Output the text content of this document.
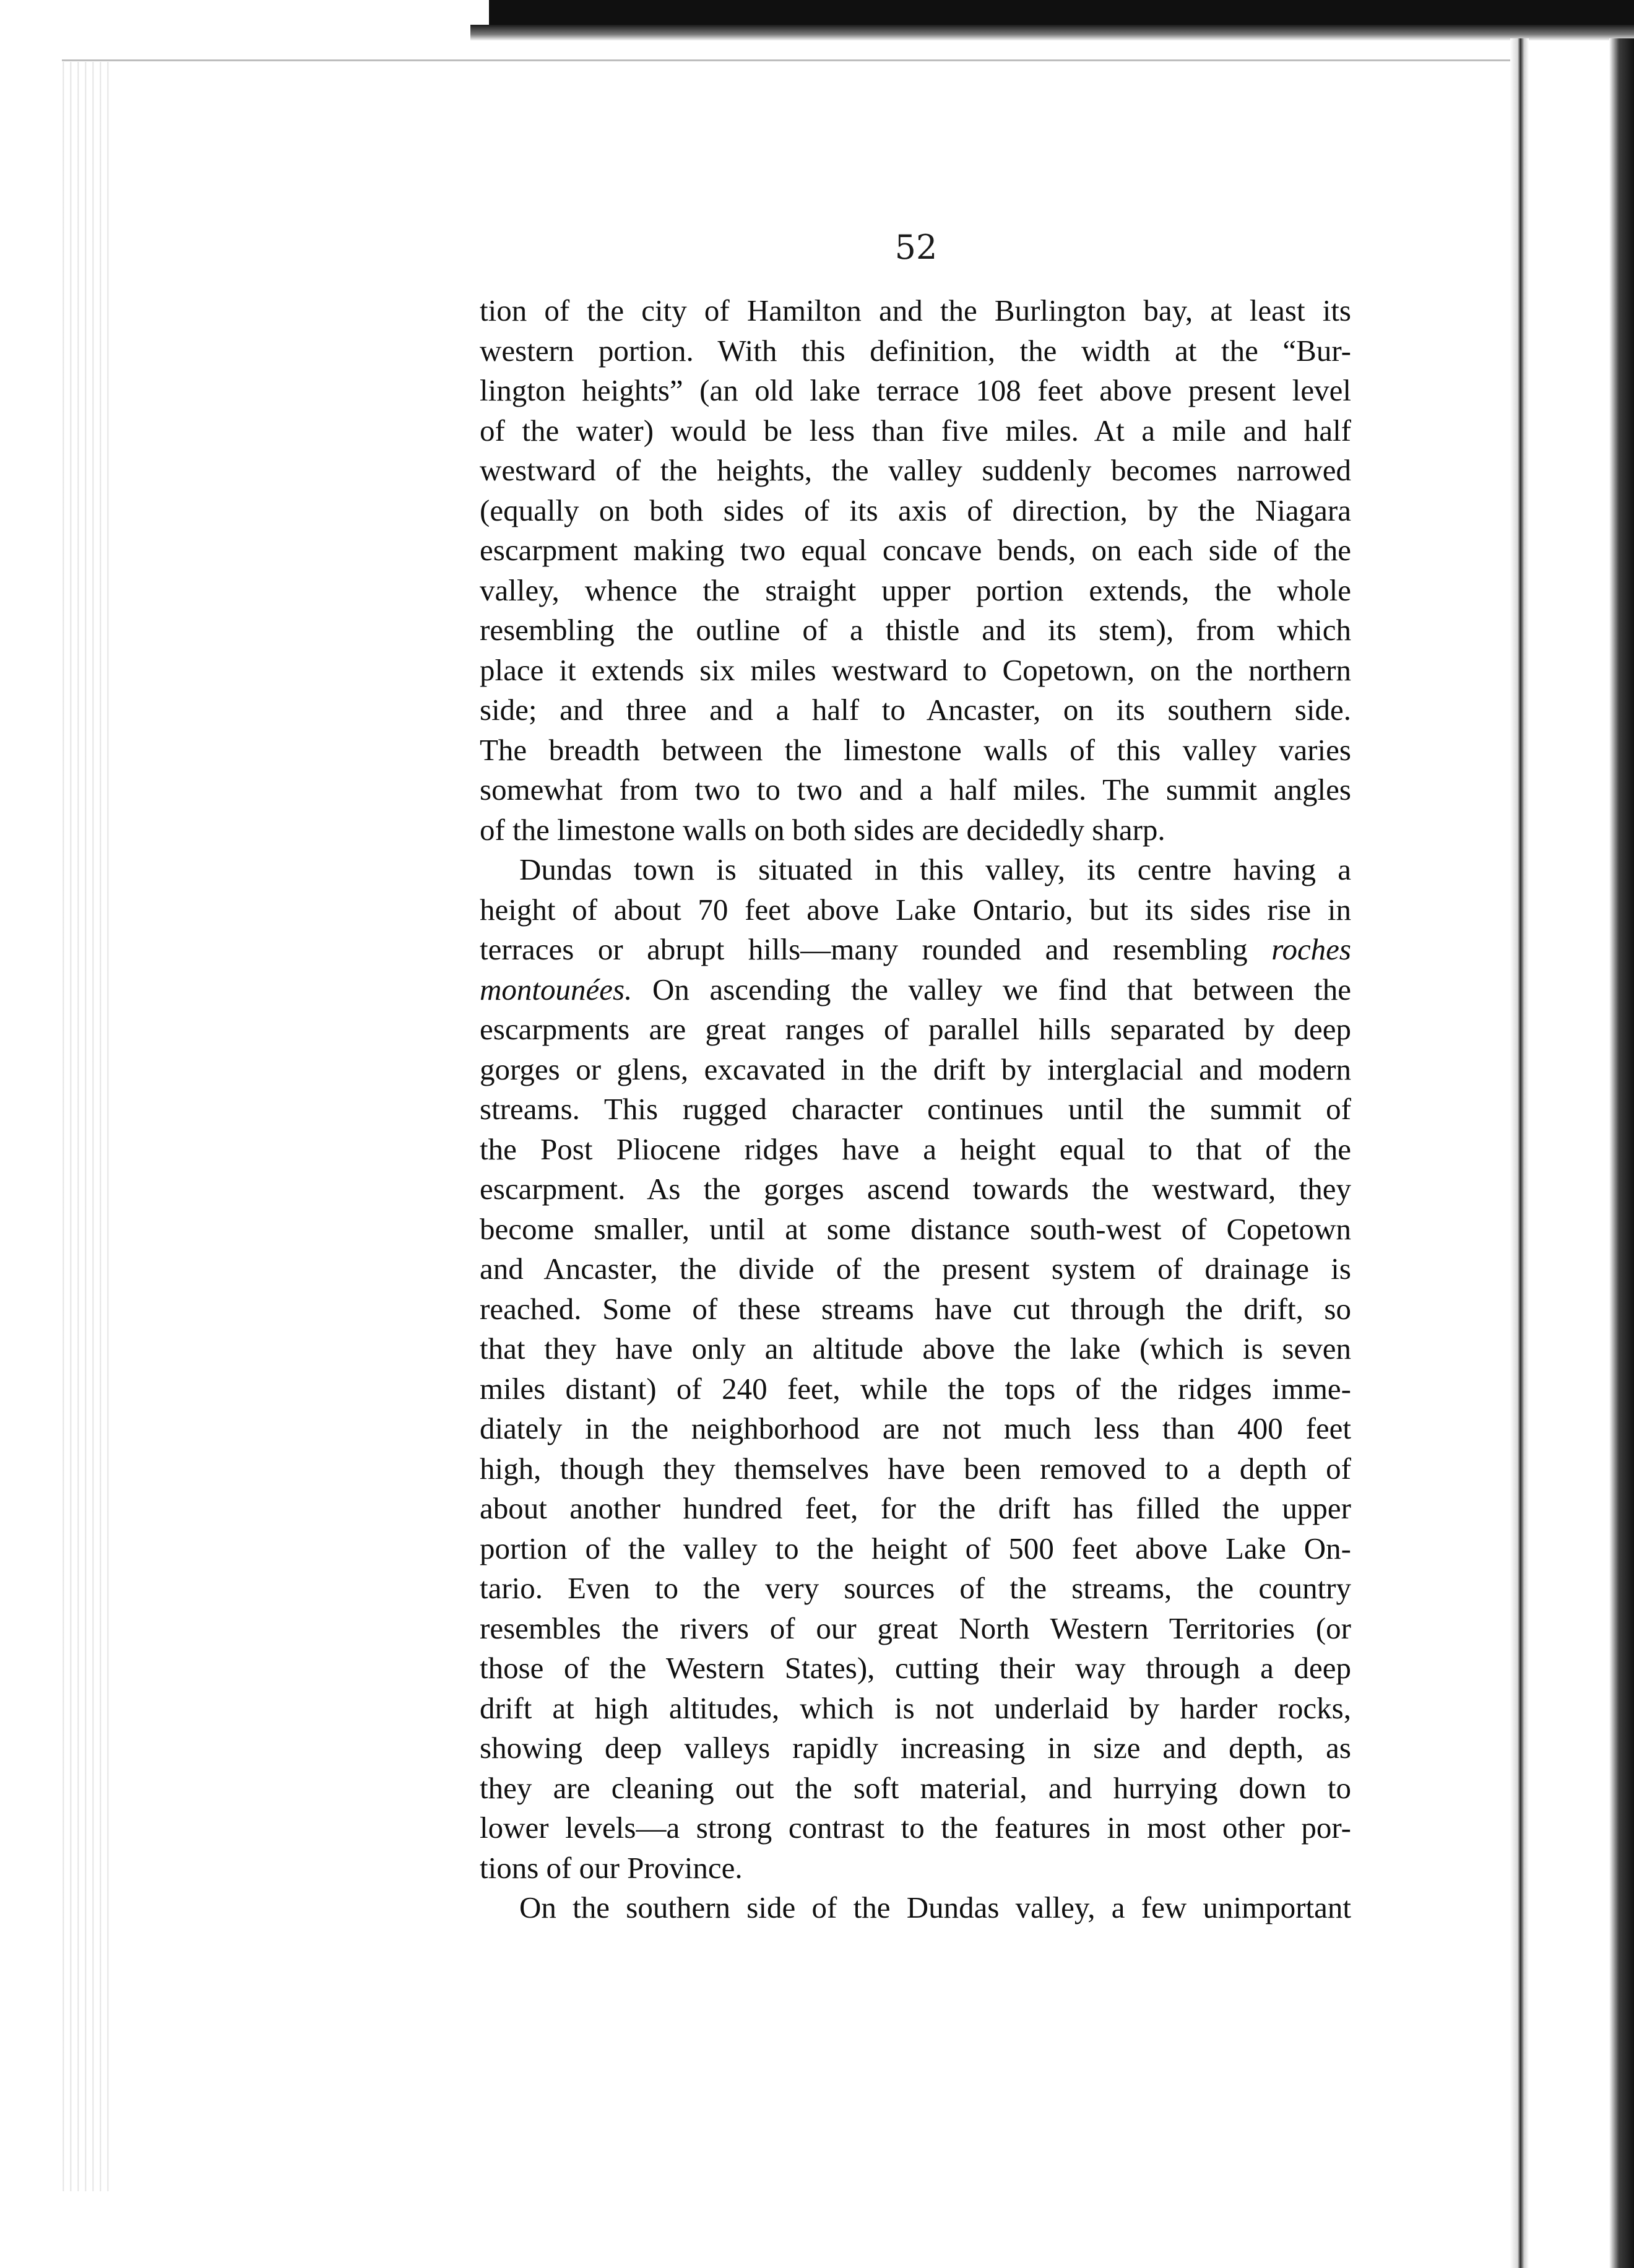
52
tion of the city of Hamilton and the Burlington bay, at least its
western portion. With this definition, the width at the “Bur-
lington heights” (an old lake terrace 108 feet above present level
of the water) would be less than five miles. At a mile and half
westward of the heights, the valley suddenly becomes narrowed
(equally on both sides of its axis of direction, by the Niagara
escarpment making two equal concave bends, on each side of the
valley, whence the straight upper portion extends, the whole
resembling the outline of a thistle and its stem), from which
place it extends six miles westward to Copetown, on the northern
side; and three and a half to Ancaster, on its southern side.
The breadth between the limestone walls of this valley varies
somewhat from two to two and a half miles. The summit angles
of the limestone walls on both sides are decidedly sharp.
Dundas town is situated in this valley, its centre having a
height of about 70 feet above Lake Ontario, but its sides rise in
terraces or abrupt hills—many rounded and resembling roches
montounées. On ascending the valley we find that between the
escarpments are great ranges of parallel hills separated by deep
gorges or glens, excavated in the drift by interglacial and modern
streams. This rugged character continues until the summit of
the Post Pliocene ridges have a height equal to that of the
escarpment. As the gorges ascend towards the westward, they
become smaller, until at some distance south-west of Copetown
and Ancaster, the divide of the present system of drainage is
reached. Some of these streams have cut through the drift, so
that they have only an altitude above the lake (which is seven
miles distant) of 240 feet, while the tops of the ridges imme-
diately in the neighborhood are not much less than 400 feet
high, though they themselves have been removed to a depth of
about another hundred feet, for the drift has filled the upper
portion of the valley to the height of 500 feet above Lake On-
tario. Even to the very sources of the streams, the country
resembles the rivers of our great North Western Territories (or
those of the Western States), cutting their way through a deep
drift at high altitudes, which is not underlaid by harder rocks,
showing deep valleys rapidly increasing in size and depth, as
they are cleaning out the soft material, and hurrying down to
lower levels—a strong contrast to the features in most other por-
tions of our Province.
On the southern side of the Dundas valley, a few unimportant
